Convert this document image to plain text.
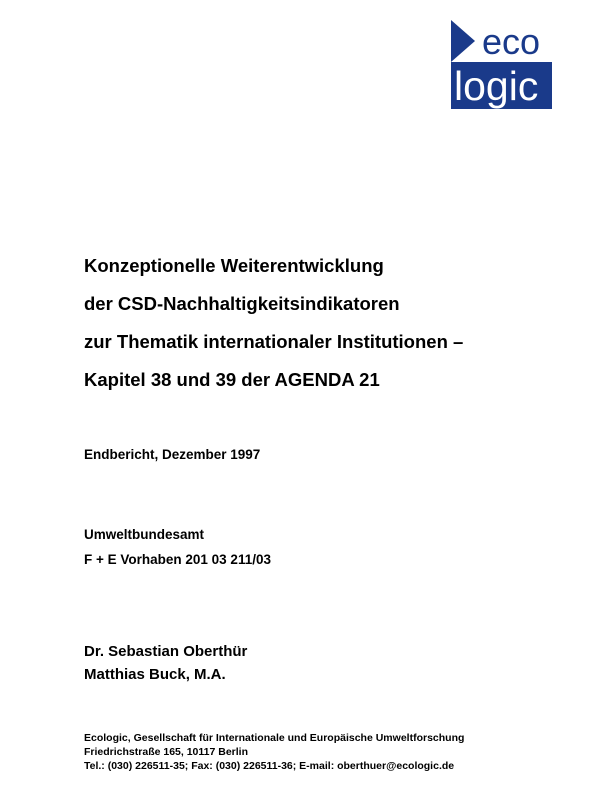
eco
logic
Konzeptionelle Weiterentwicklung
der CSD-Nachhaltigkeitsindikatoren
zur Thematik internationaler Institutionen –
Kapitel 38 und 39 der AGENDA 21
Endbericht, Dezember 1997
Umweltbundesamt
F + E Vorhaben 201 03 211/03
Dr. Sebastian Oberthür
Matthias Buck, M.A.
Ecologic, Gesellschaft für Internationale und Europäische Umweltforschung
Friedrichstraße 165, 10117 Berlin
Tel.: (030) 226511-35; Fax: (030) 226511-36; E-mail: oberthuer@ecologic.de
